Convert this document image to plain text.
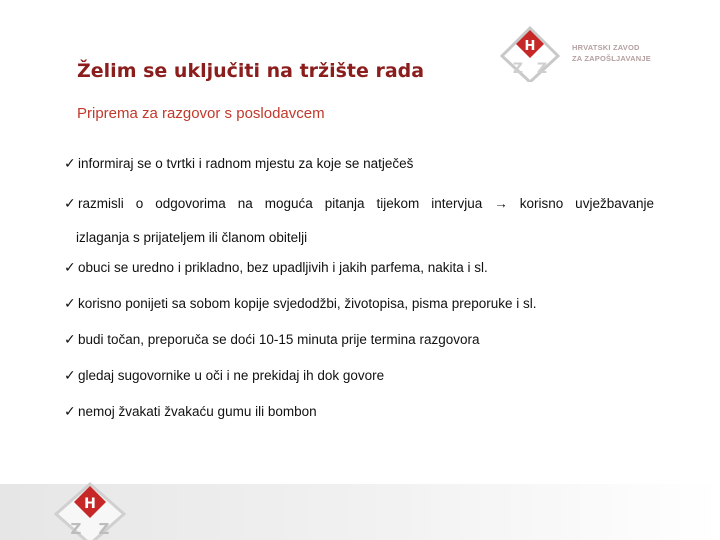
H
Z Z
HRVATSKI ZAVOD
ZA ZAPOŠLJAVANJE
Želim se uključiti na tržište rada
Priprema za razgovor s poslodavcem
✓ informiraj se o tvrtki i radnom mjestu za koje se natječeš
✓ razmisli o odgovorima na moguća pitanja tijekom intervjua → korisno uvježbavanje
izlaganja s prijateljem ili članom obitelji
✓ obuci se uredno i prikladno, bez upadljivih i jakih parfema, nakita i sl.
✓ korisno ponijeti sa sobom kopije svjedodžbi, životopisa, pisma preporuke i sl.
✓ budi točan, preporuča se doći 10-15 minuta prije termina razgovora
✓ gledaj sugovornike u oči i ne prekidaj ih dok govore
✓ nemoj žvakati žvakaću gumu ili bombon
H
Z Z
